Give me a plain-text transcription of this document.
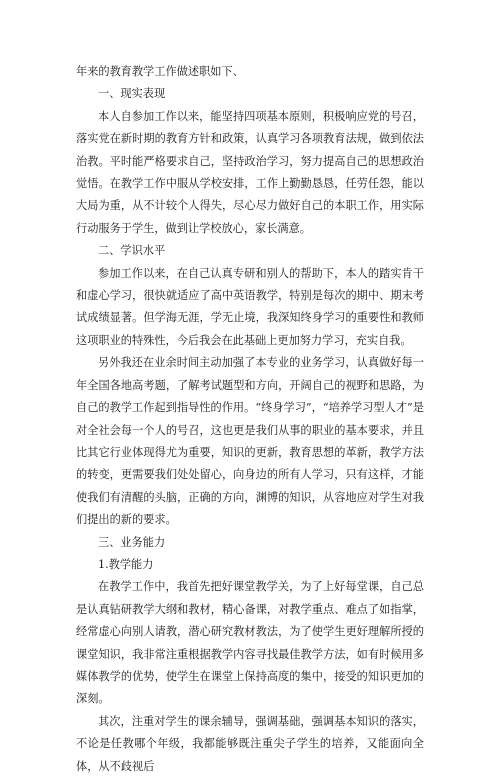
年来的教育教学工作做述职如下、

一、现实表现

本人自参加工作以来，能坚持四项基本原则，积极响应党的号召，落实党在新时期的教育方针和政策，认真学习各项教育法规，做到依法治教。平时能严格要求自己，坚持政治学习，努力提高自己的思想政治觉悟。在教学工作中服从学校安排，工作上勤勤恳恳，任劳任怨，能以大局为重，从不计较个人得失，尽心尽力做好自己的本职工作，用实际行动服务于学生，做到让学校放心，家长满意。

二、学识水平

参加工作以来，在自己认真专研和别人的帮助下，本人的踏实肯干和虚心学习，很快就适应了高中英语教学，特别是每次的期中、期末考试成绩显著。但学海无涯，学无止境，我深知终身学习的重要性和教师这项职业的特殊性，今后我会在此基础上更加努力学习，充实自我。

另外我还在业余时间主动加强了本专业的业务学习，认真做好每一年全国各地高考题，了解考试题型和方向，开阔自己的视野和思路，为自己的教学工作起到指导性的作用。“终身学习”，“培养学习型人才”是对全社会每一个人的号召，这也更是我们从事的职业的基本要求，并且比其它行业体现得尤为重要，知识的更新，教育思想的革新，教学方法的转变，更需要我们处处留心，向身边的所有人学习，只有这样，才能使我们有清醒的头脑，正确的方向，渊博的知识，从容地应对学生对我们提出的新的要求。

三、业务能力

1.教学能力

在教学工作中，我首先把好课堂教学关，为了上好每堂课，自己总是认真钻研教学大纲和教材，精心备课，对教学重点、难点了如指掌，经常虚心向别人请教，潜心研究教材教法，为了使学生更好理解所授的课堂知识，我非常注重根据教学内容寻找最佳教学方法，如有时候用多媒体教学的优势，使学生在课堂上保持高度的集中，接受的知识更加的深刻。

其次，注重对学生的课余辅导，强调基础，强调基本知识的落实，不论是任教哪个年级，我都能够既注重尖子学生的培养，又能面向全体，从不歧视后
